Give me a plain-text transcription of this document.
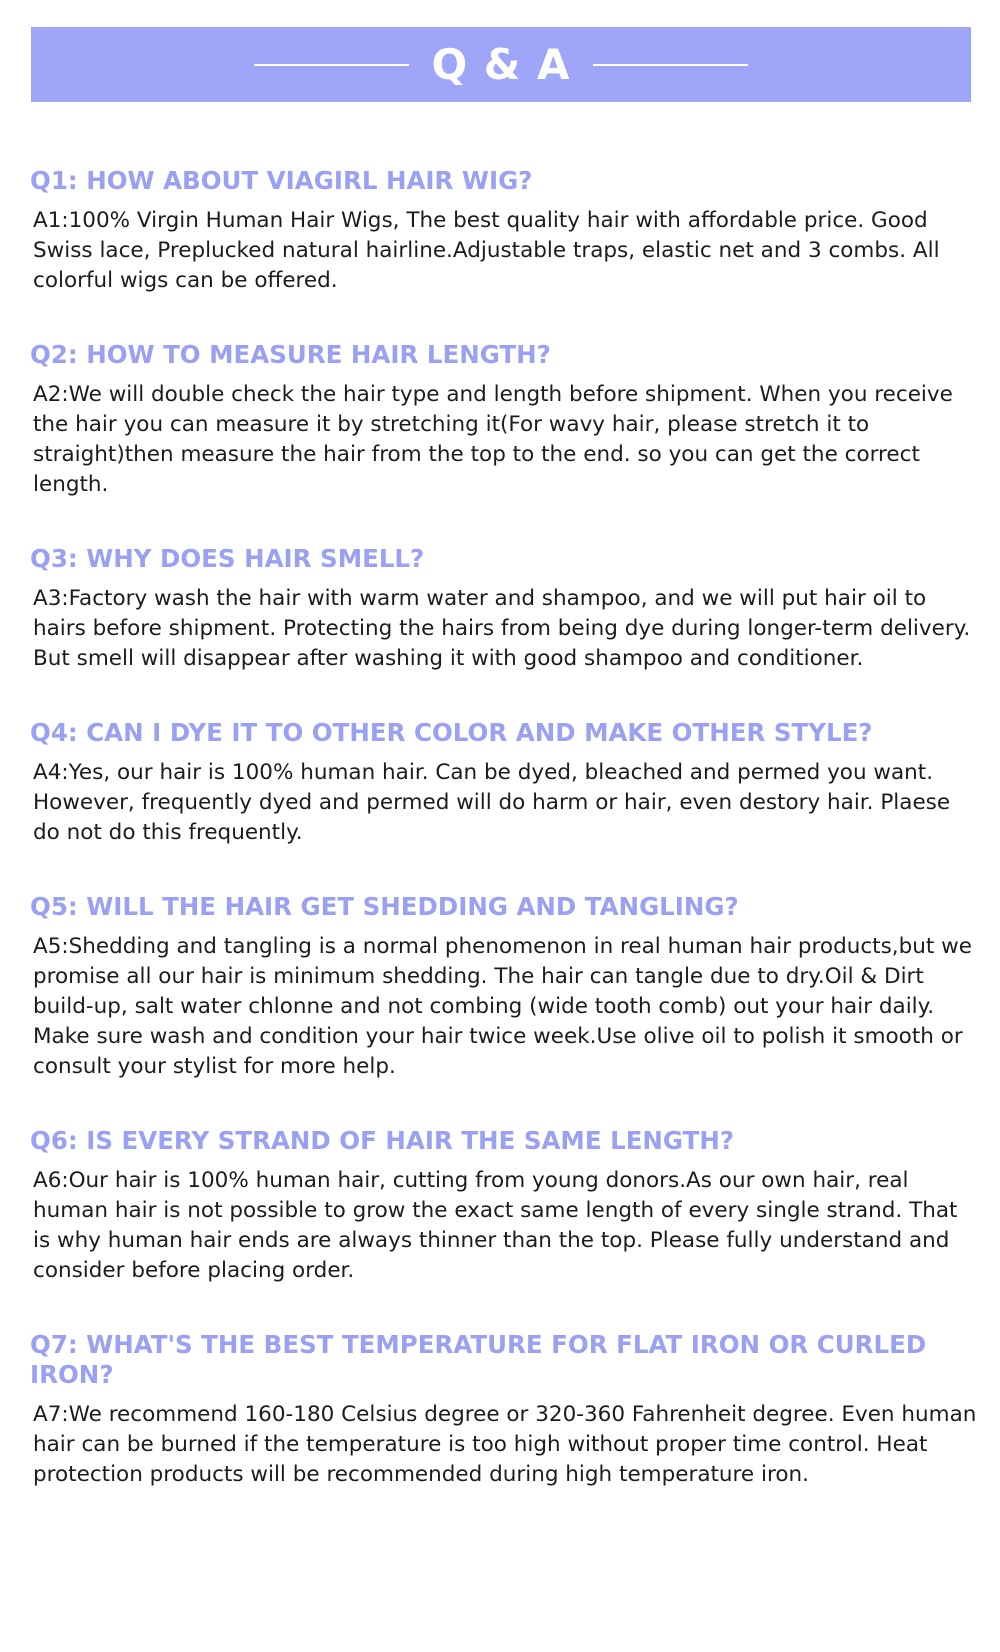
Q & A
Q1: HOW ABOUT VIAGIRL HAIR WIG?

A1:100% Virgin Human Hair Wigs, The best quality hair with affordable price. Good Swiss lace, Preplucked natural hairline.Adjustable traps, elastic net and 3 combs. All colorful wigs can be offered.

Q2: HOW TO MEASURE HAIR LENGTH?

A2:We will double check the hair type and length before shipment. When you receive the hair you can measure it by stretching it(For wavy hair, please stretch it to straight)then measure the hair from the top to the end. so you can get the correct length.

Q3: WHY DOES HAIR SMELL?

A3:Factory wash the hair with warm water and shampoo, and we will put hair oil to hairs before shipment. Protecting the hairs from being dye during longer-term delivery. But smell will disappear after washing it with good shampoo and conditioner.

Q4: CAN I DYE IT TO OTHER COLOR AND MAKE OTHER STYLE?

A4:Yes, our hair is 100% human hair. Can be dyed, bleached and permed you want. However, frequently dyed and permed will do harm or hair, even destory hair. Plaese do not do this frequently.

Q5: WILL THE HAIR GET SHEDDING AND TANGLING?

A5:Shedding and tangling is a normal phenomenon in real human hair products,but we promise all our hair is minimum shedding. The hair can tangle due to dry.Oil & Dirt build-up, salt water chlonne and not combing (wide tooth comb) out your hair daily. Make sure wash and condition your hair twice week.Use olive oil to polish it smooth or consult your stylist for more help.

Q6: IS EVERY STRAND OF HAIR THE SAME LENGTH?

A6:Our hair is 100% human hair, cutting from young donors.As our own hair, real human hair is not possible to grow the exact same length of every single strand. That is why human hair ends are always thinner than the top. Please fully understand and consider before placing order.

Q7: WHAT'S THE BEST TEMPERATURE FOR FLAT IRON OR CURLED IRON?

A7:We recommend 160-180 Celsius degree or 320-360 Fahrenheit degree. Even human hair can be burned if the temperature is too high without proper time control. Heat protection products will be recommended during high temperature iron.
